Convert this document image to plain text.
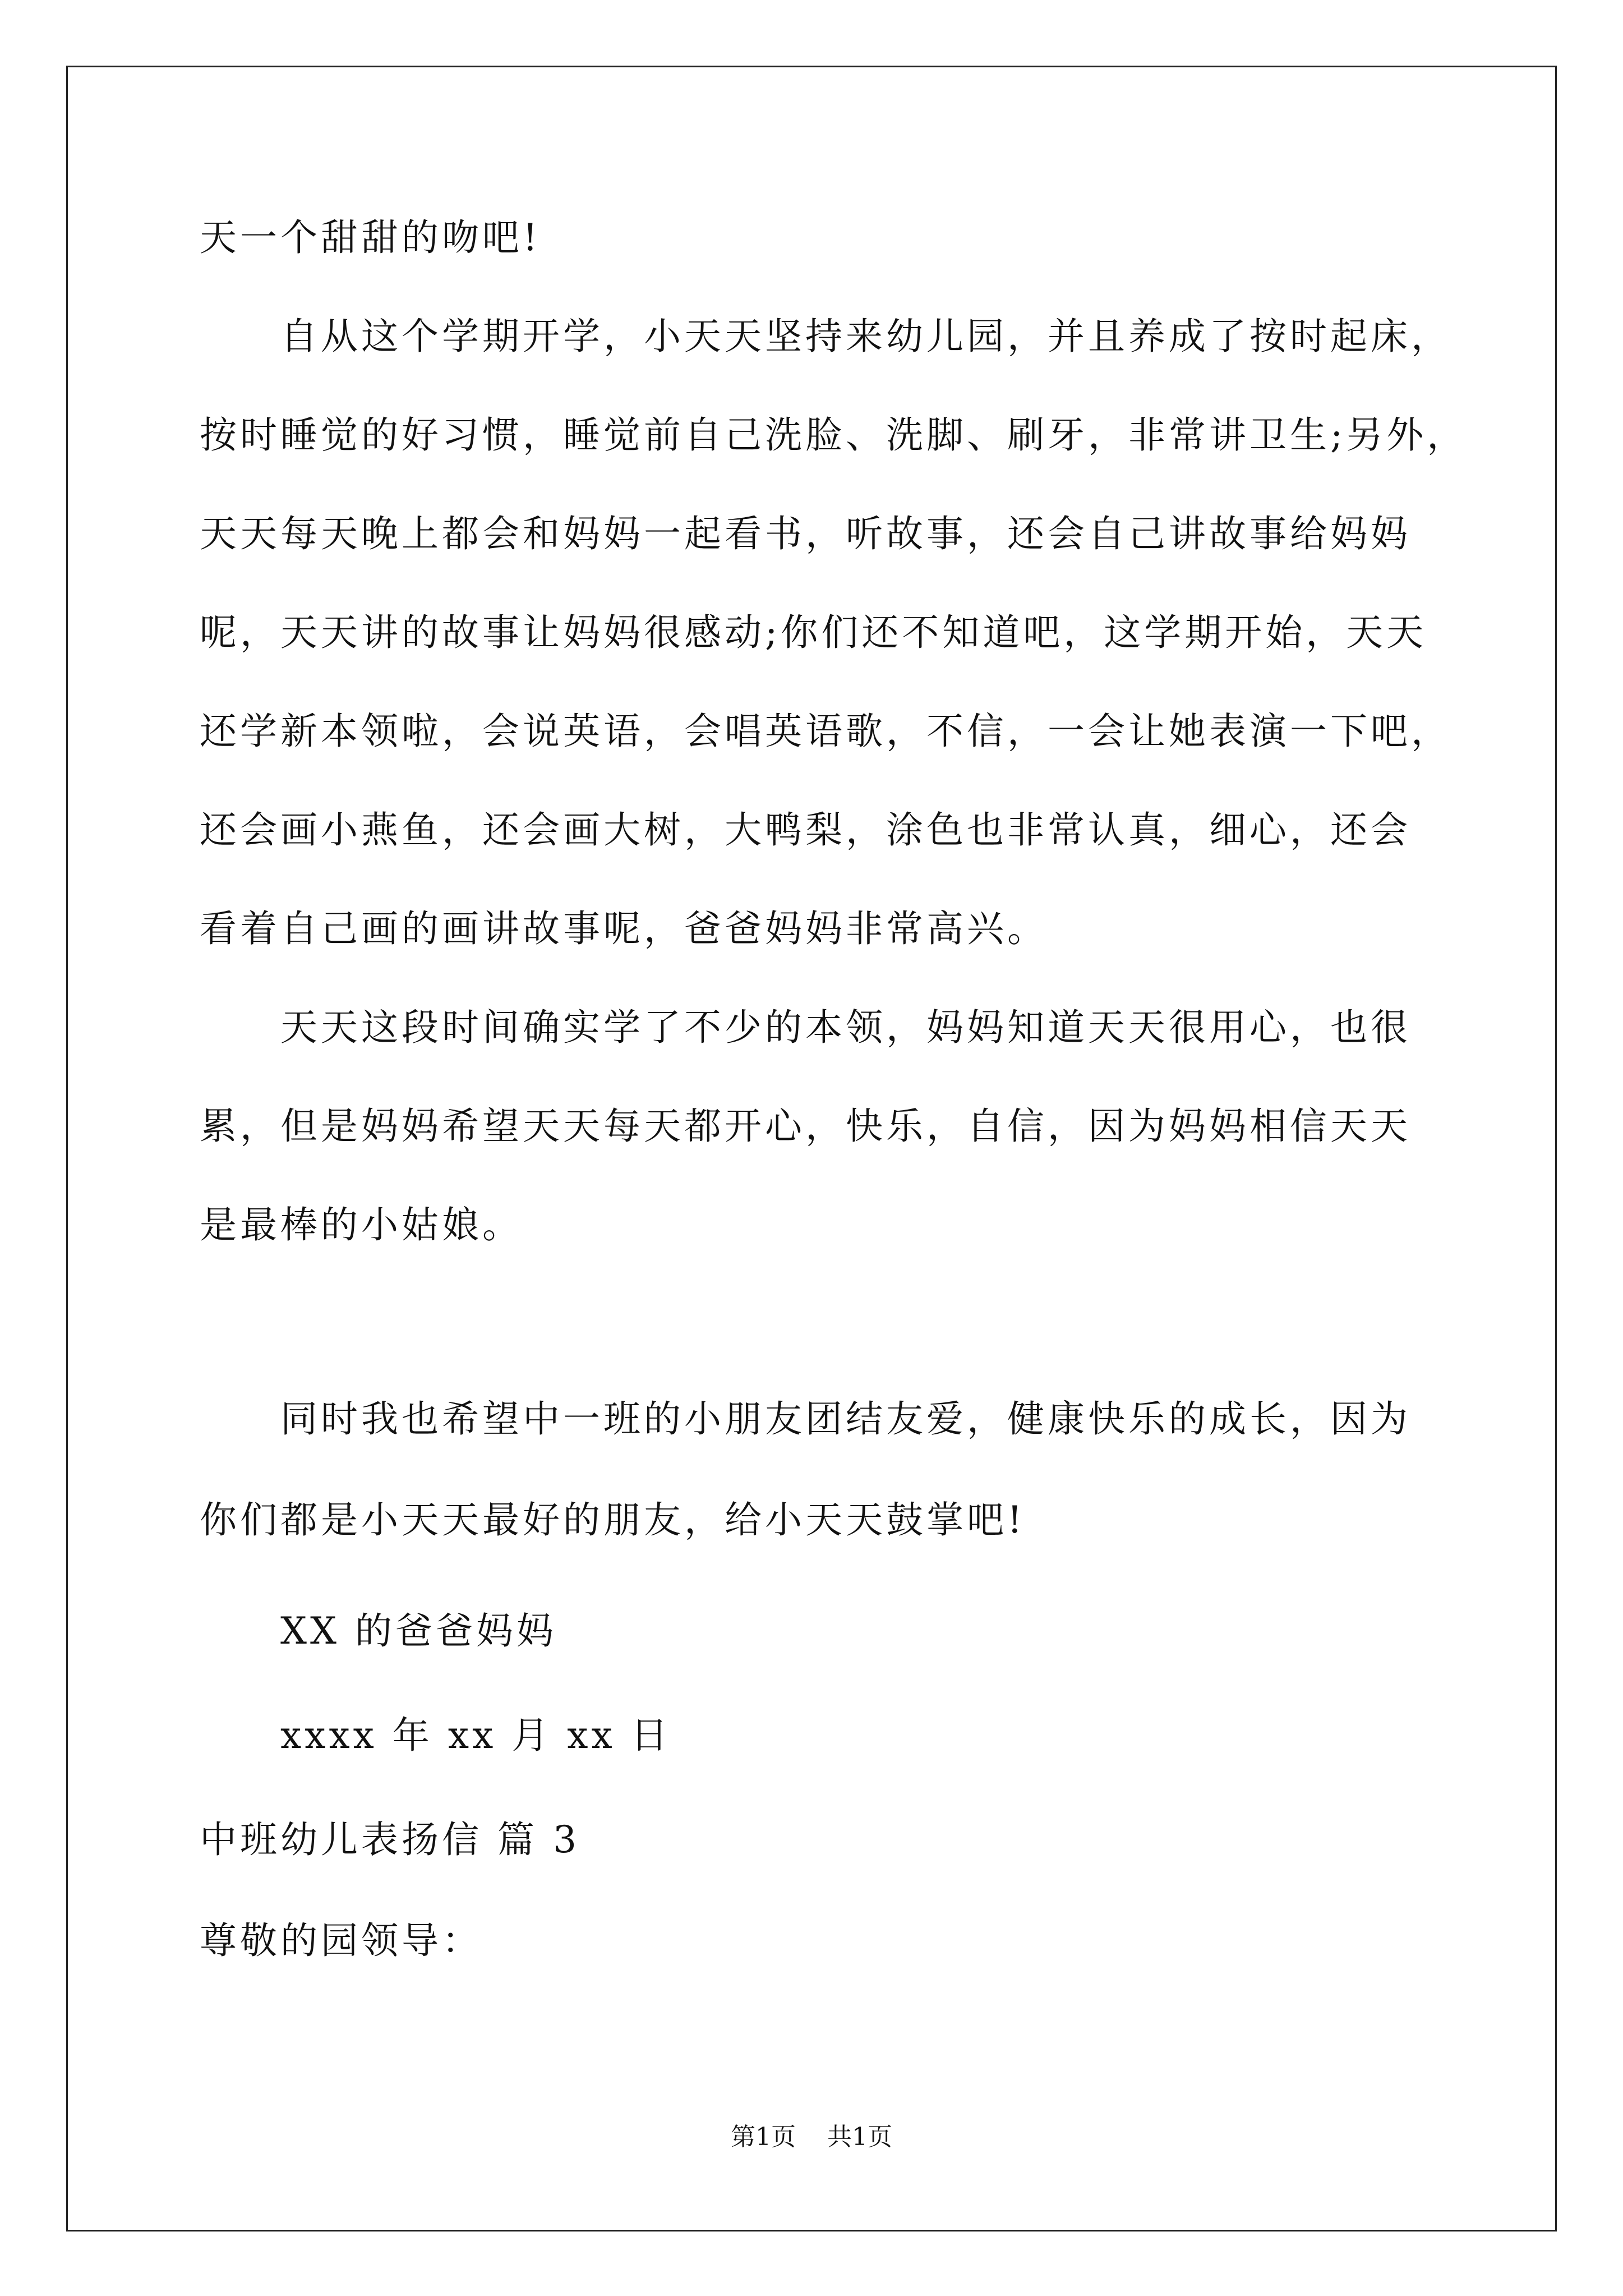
天一个甜甜的吻吧!
自从这个学期开学，小天天坚持来幼儿园，并且养成了按时起床，
按时睡觉的好习惯，睡觉前自己洗脸、洗脚、刷牙，非常讲卫生;另外，
天天每天晚上都会和妈妈一起看书，听故事，还会自己讲故事给妈妈
呢，天天讲的故事让妈妈很感动;你们还不知道吧，这学期开始，天天
还学新本领啦，会说英语，会唱英语歌，不信，一会让她表演一下吧，
还会画小燕鱼，还会画大树，大鸭梨，涂色也非常认真，细心，还会
看着自己画的画讲故事呢，爸爸妈妈非常高兴。
天天这段时间确实学了不少的本领，妈妈知道天天很用心，也很
累，但是妈妈希望天天每天都开心，快乐，自信，因为妈妈相信天天
是最棒的小姑娘。
同时我也希望中一班的小朋友团结友爱，健康快乐的成长，因为
你们都是小天天最好的朋友，给小天天鼓掌吧!
XX 的爸爸妈妈
xxxx 年 xx 月 xx 日
中班幼儿表扬信 篇 3
尊敬的园领导：
第1页 共1页
